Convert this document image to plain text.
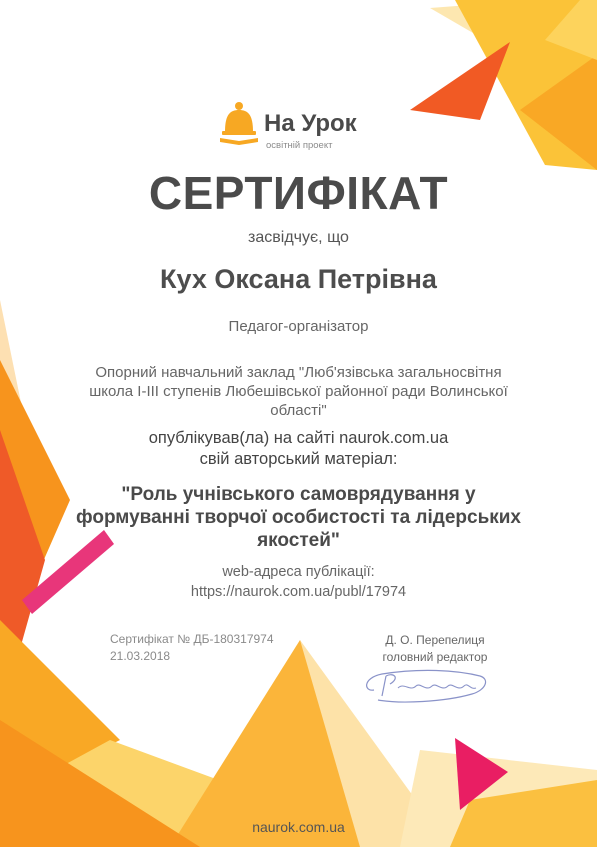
На Урок
освітній проект
СЕРТИФІКАТ

засвідчує, що

Кух Оксана Петрівна

Педагог-організатор

Опорний навчальний заклад "Люб'язівська загальносвітня
школа І-ІІІ ступенів Любешівської районної ради Волинської
області"
опублікував(ла) на сайті naurok.com.ua
свій авторський матеріал:
"Роль учнівського самоврядування у
формуванні творчої особистості та лідерських
якостей"

web-адреса публікації:

https://naurok.com.ua/publ/17974

Сертифікат № ДБ-180317974
21.03.2018
Д. О. Перепелиця
головний редактор

naurok.com.ua
